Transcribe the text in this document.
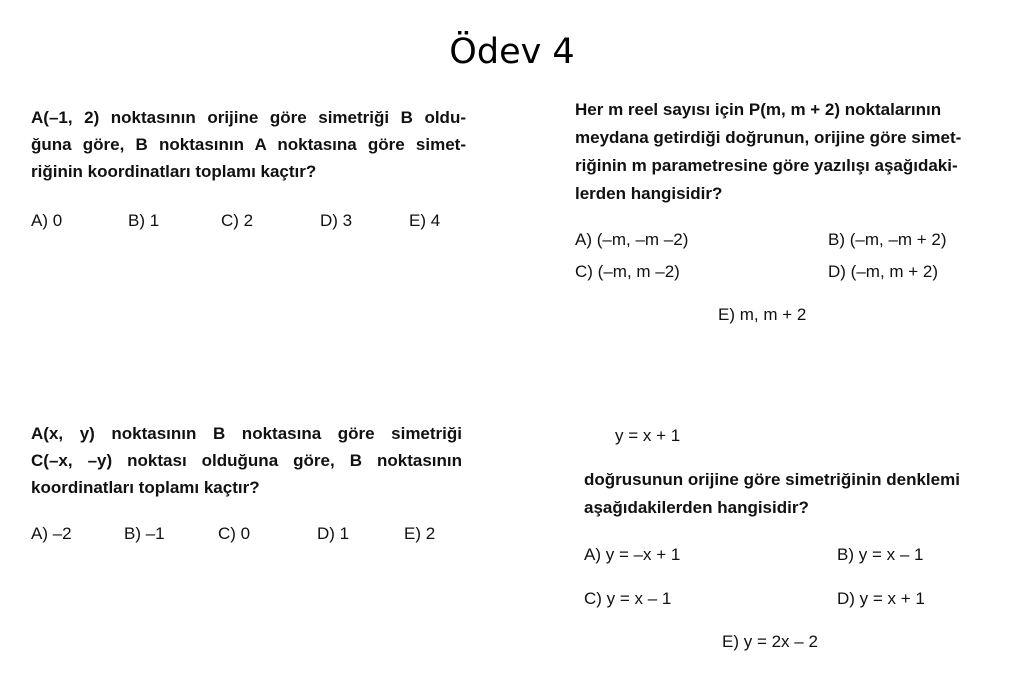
Ödev 4

A(–1, 2) noktasının orijine göre simetriği B oldu-
ğuna göre, B noktasının A noktasına göre simet-
riğinin koordinatları toplamı kaçtır?

A) 0	B) 1	C) 2	D) 3	E) 4

Her m reel sayısı için P(m, m + 2) noktalarının
meydana getirdiği doğrunun, orijine göre simet-
riğinin m parametresine göre yazılışı aşağıdaki-
lerden hangisidir?

A) (–m, –m –2)	B) (–m, –m + 2)
C) (–m, m –2)	D) (–m, m + 2)
E) m, m + 2

A(x, y) noktasının B noktasına göre simetriği
C(–x, –y) noktası olduğuna göre, B noktasının
koordinatları toplamı kaçtır?

A) –2	B) –1	C) 0	D) 1	E) 2
y = x + 1

doğrusunun orijine göre simetriğinin denklemi
aşağıdakilerden hangisidir?

A) y = –x + 1	B) y = x – 1
C) y = x – 1	D) y = x + 1
E) y = 2x – 2
